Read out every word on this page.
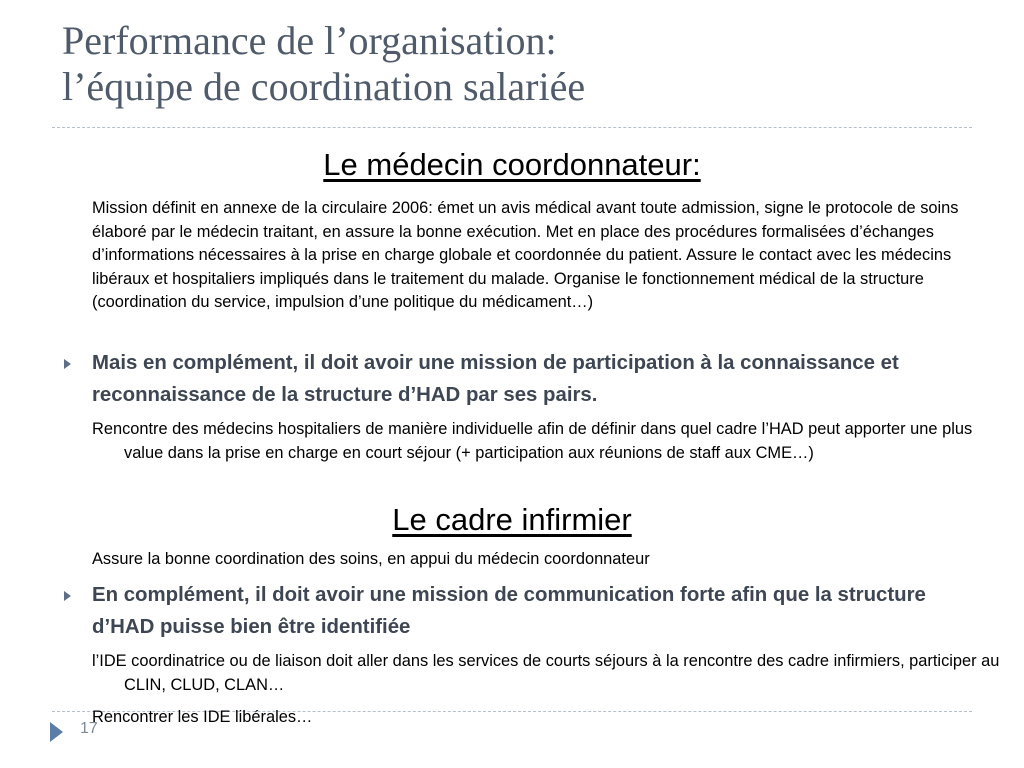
Performance de l’organisation:
l’équipe de coordination salariée
Le médecin coordonnateur:
Mission définit en annexe de la circulaire 2006: émet un avis médical avant toute admission, signe le protocole de soins élaboré par le médecin traitant, en assure la bonne exécution. Met en place des procédures formalisées d’échanges d’informations nécessaires à la prise en charge globale et coordonnée du patient. Assure le contact avec les médecins libéraux et hospitaliers impliqués dans le traitement du malade. Organise le fonctionnement médical de la structure (coordination du service, impulsion d’une politique du médicament…)
Mais en complément, il doit avoir une mission de participation à la connaissance et reconnaissance de la structure d’HAD par ses pairs.
Rencontre des médecins hospitaliers de manière individuelle afin de définir dans quel cadre l’HAD peut apporter une plus value dans la prise en charge en court séjour (+ participation aux réunions de staff aux CME…)
Le cadre infirmier
Assure la bonne coordination des soins, en appui du médecin coordonnateur
En complément, il doit avoir une mission de communication forte afin que la structure d’HAD puisse bien être identifiée
l’IDE coordinatrice ou de liaison doit aller dans les services de courts séjours à la rencontre des cadre infirmiers, participer au CLIN, CLUD, CLAN…
Rencontrer les IDE libérales…
17
